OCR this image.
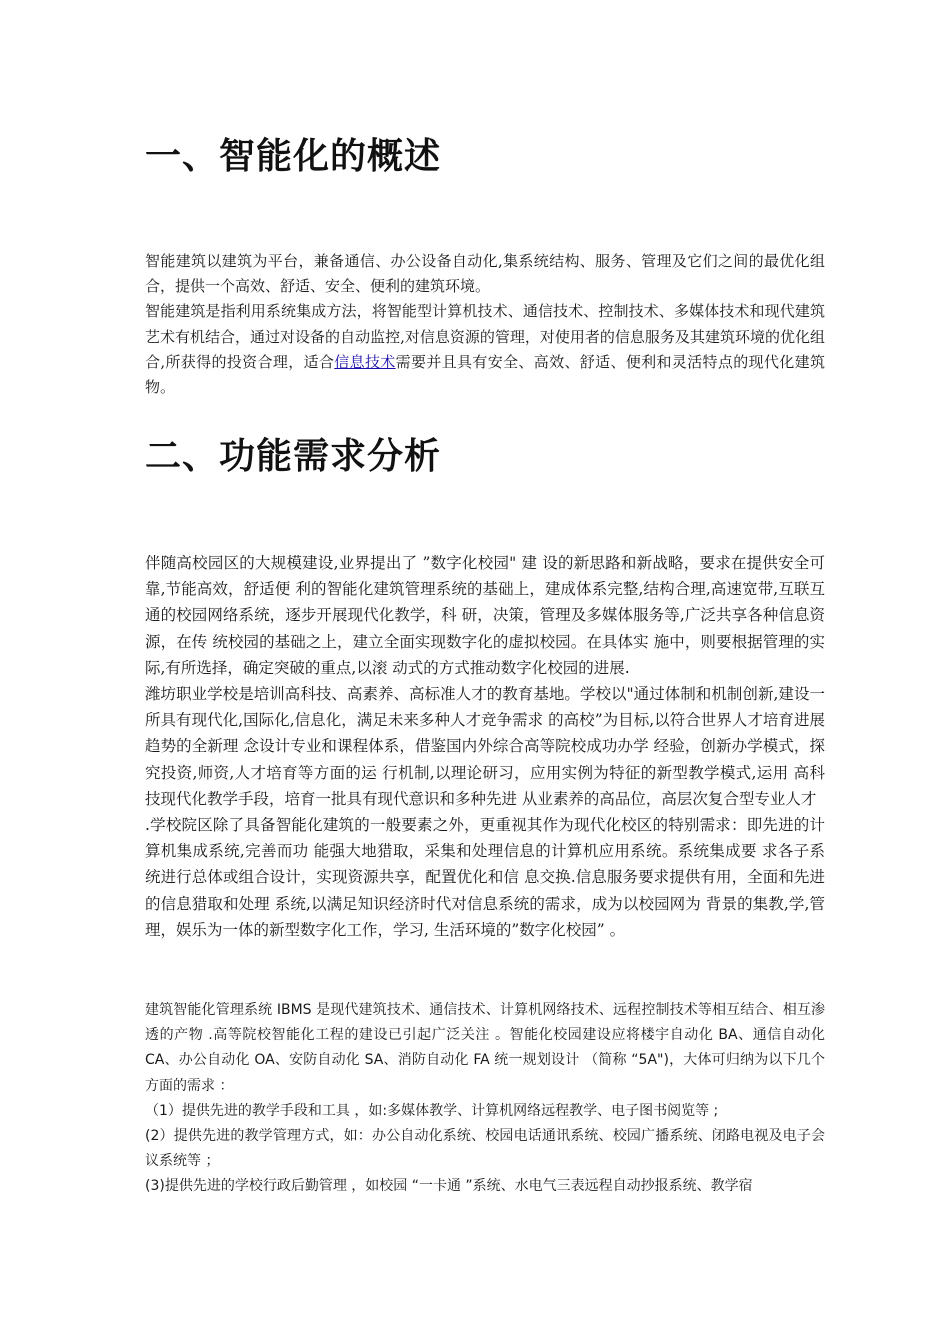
一、智能化的概述

智能建筑以建筑为平台，兼备通信、办公设备自动化,集系统结构、服务、管理及它们之间的最优化组合，提供一个高效、舒适、安全、便利的建筑环境。

智能建筑是指利用系统集成方法，将智能型计算机技术、通信技术、控制技术、多媒体技术和现代建筑艺术有机结合，通过对设备的自动监控,对信息资源的管理，对使用者的信息服务及其建筑环境的优化组合,所获得的投资合理，适合信息技术需要并且具有安全、高效、舒适、便利和灵活特点的现代化建筑物。

二、功能需求分析

伴随高校园区的大规模建设,业界提出了 ”数字化校园" 建 设的新思路和新战略，要求在提供安全可靠,节能高效，舒适便 利的智能化建筑管理系统的基础上，建成体系完整,结构合理,高速宽带,互联互通的校园网络系统，逐步开展现代化教学，科 研，决策，管理及多媒体服务等,广泛共享各种信息资源，在传 统校园的基础之上，建立全面实现数字化的虚拟校园。在具体实 施中，则要根据管理的实际,有所选择，确定突破的重点,以滚 动式的方式推动数字化校园的进展.

潍坊职业学校是培训高科技、高素养、高标准人才的教育基地。学校以"通过体制和机制创新,建设一 所具有现代化,国际化,信息化，满足未来多种人才竞争需求 的高校”为目标,以符合世界人才培育进展趋势的全新理 念设计专业和课程体系，借鉴国内外综合高等院校成功办学 经验，创新办学模式，探究投资,师资,人才培育等方面的运 行机制,以理论研习，应用实例为特征的新型教学模式,运用 高科技现代化教学手段，培育一批具有现代意识和多种先进 从业素养的高品位，高层次复合型专业人才

.学校院区除了具备智能化建筑的一般要素之外，更重视其作为现代化校区的特别需求：即先进的计算机集成系统,完善而功 能强大地猎取，采集和处理信息的计算机应用系统。系统集成要 求各子系统进行总体或组合设计，实现资源共享，配置优化和信 息交换.信息服务要求提供有用，全面和先进的信息猎取和处理 系统,以满足知识经济时代对信息系统的需求，成为以校园网为 背景的集教,学,管理，娱乐为一体的新型数字化工作，学习, 生活环境的”数字化校园” 。

建筑智能化管理系统 IBMS 是现代建筑技术、通信技术、计算机网络技术、远程控制技术等相互结合、相互渗透的产物 .高等院校智能化工程的建设已引起广泛关注 。智能化校园建设应将楼宇自动化 BA、通信自动化 CA、办公自动化 OA、安防自动化 SA、消防自动化 FA 统一规划设计 （简称 “5A")，大体可归纳为以下几个方面的需求 ：

（1）提供先进的教学手段和工具 ，如:多媒体教学、计算机网络远程教学、电子图书阅览等 ;

(2）提供先进的教学管理方式，如：办公自动化系统、校园电话通讯系统、校园广播系统、闭路电视及电子会议系统等 ；

(3)提供先进的学校行政后勤管理 ，如校园 “一卡通 ”系统、水电气三表远程自动抄报系统、教学宿
